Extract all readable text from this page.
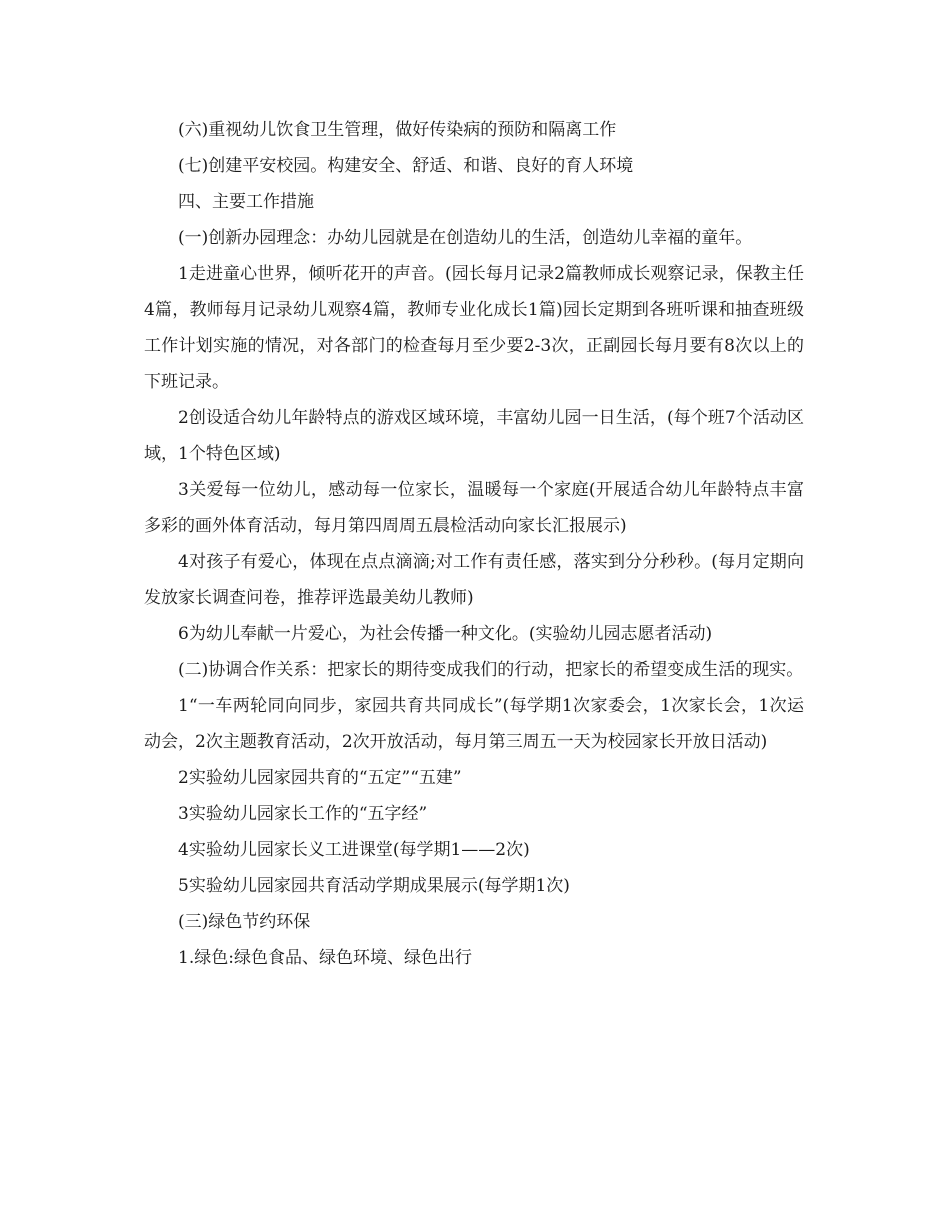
(六)重视幼儿饮食卫生管理，做好传染病的预防和隔离工作

(七)创建平安校园。构建安全、舒适、和谐、良好的育人环境

四、主要工作措施

(一)创新办园理念：办幼儿园就是在创造幼儿的生活，创造幼儿幸福的童年。

1走进童心世界，倾听花开的声音。(园长每月记录2篇教师成长观察记录，保教主任4篇，教师每月记录幼儿观察4篇，教师专业化成长1篇)园长定期到各班听课和抽查班级工作计划实施的情况，对各部门的检查每月至少要2-3次，正副园长每月要有8次以上的下班记录。

2创设适合幼儿年龄特点的游戏区域环境，丰富幼儿园一日生活，(每个班7个活动区域，1个特色区域)

3关爱每一位幼儿，感动每一位家长，温暖每一个家庭(开展适合幼儿年龄特点丰富多彩的画外体育活动，每月第四周周五晨检活动向家长汇报展示)

4对孩子有爱心，体现在点点滴滴;对工作有责任感，落实到分分秒秒。(每月定期向发放家长调查问卷，推荐评选最美幼儿教师)

6为幼儿奉献一片爱心，为社会传播一种文化。(实验幼儿园志愿者活动)

(二)协调合作关系：把家长的期待变成我们的行动，把家长的希望变成生活的现实。

1“一车两轮同向同步，家园共育共同成长”(每学期1次家委会，1次家长会，1次运动会，2次主题教育活动，2次开放活动，每月第三周五一天为校园家长开放日活动)

2实验幼儿园家园共育的“五定”“五建”

3实验幼儿园家长工作的“五字经”

4实验幼儿园家长义工进课堂(每学期1——2次)

5实验幼儿园家园共育活动学期成果展示(每学期1次)

(三)绿色节约环保

1.绿色:绿色食品、绿色环境、绿色出行
